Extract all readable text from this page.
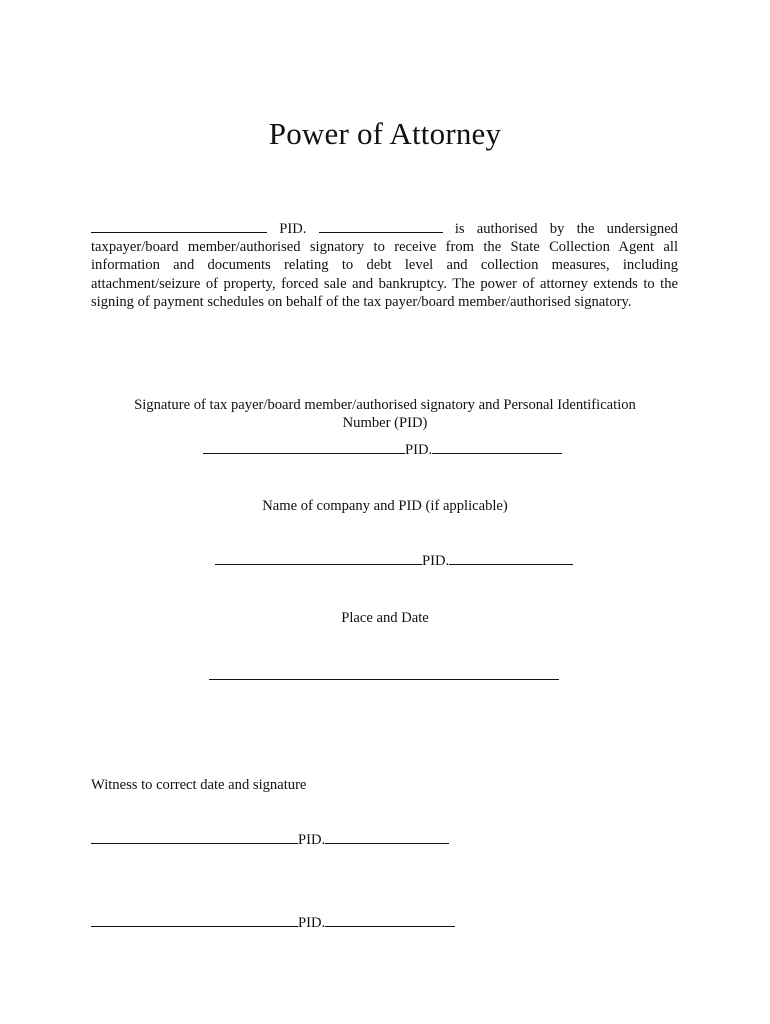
Power of Attorney
PID.	is authorised by the undersigned taxpayer/board member/authorised signatory to receive from the State Collection Agent all information and documents relating to debt level and collection measures, including attachment/seizure of property, forced sale and bankruptcy. The power of attorney extends to the signing of payment schedules on behalf of the tax payer/board member/authorised signatory.
Signature of tax payer/board member/authorised signatory and Personal Identification Number (PID)
PID.
Name of company and PID (if applicable)
PID.
Place and Date
Witness to correct date and signature
PID.
PID.
